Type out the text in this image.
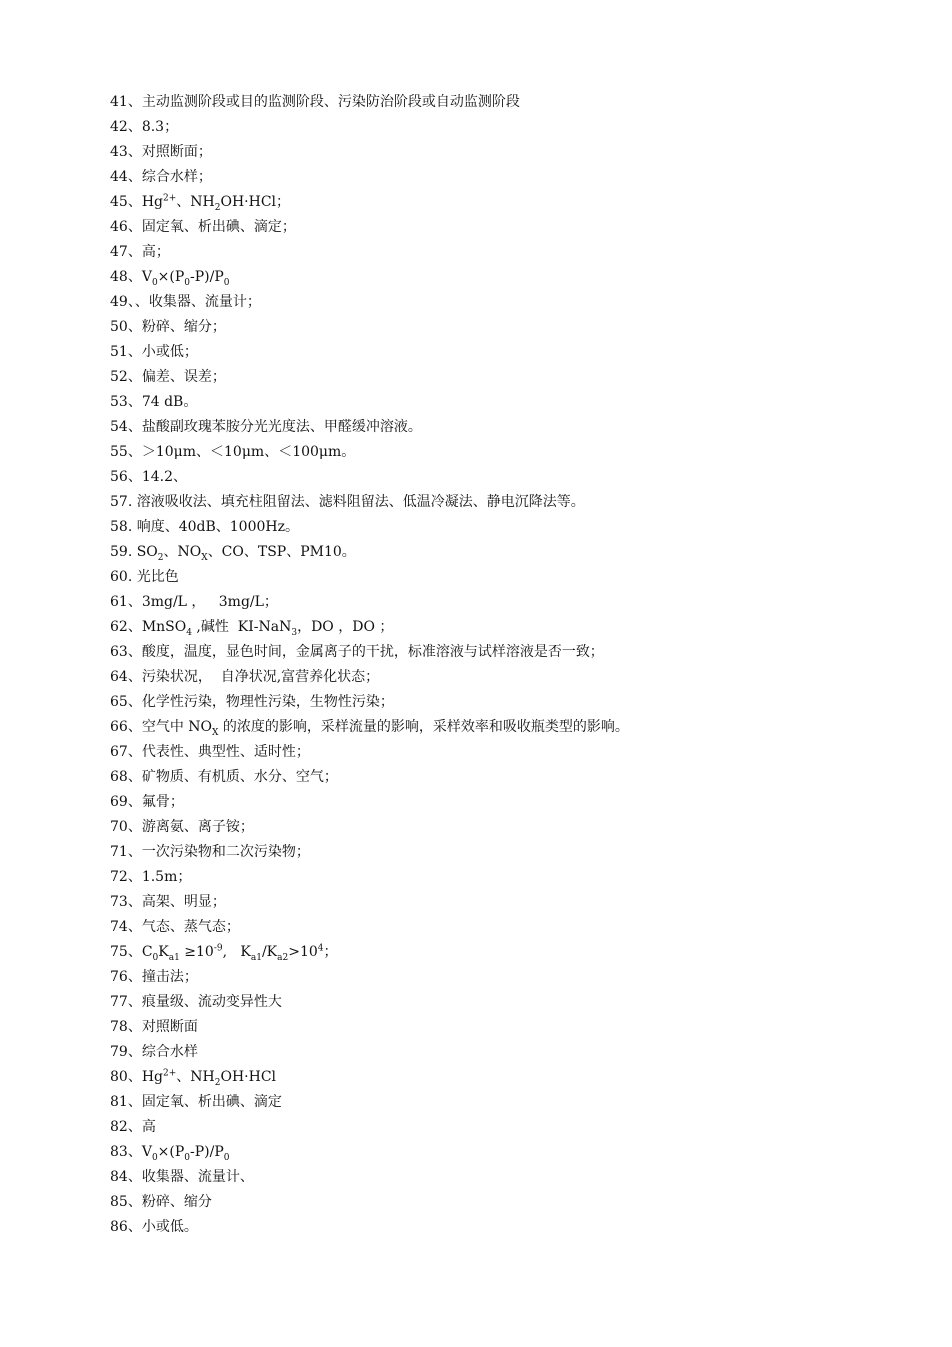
41、主动监测阶段或目的监测阶段、污染防治阶段或自动监测阶段
42、8.3；
43、对照断面；
44、综合水样；
45、$Hg^{2+}$、$NH_2OH\cdot HCl$；
46、固定氧、析出碘、滴定；
47、高；
48、$V_0\times(P_0-P)/P_0$
49、、收集器、流量计；
50、粉碎、缩分；
51、小或低；
52、偏差、误差；
53、74 dB。
54、盐酸副玫瑰苯胺分光光度法、甲醛缓冲溶液。
55、＞10μm、＜10μm、＜100μm。
56、14.2、
57. 溶液吸收法、填充柱阻留法、滤料阻留法、低温冷凝法、静电沉降法等。
58. 响度、40dB、1000Hz。
59. $SO_2$、$NO_X$、CO、TSP、PM10。
60. 光比色
61、3mg/L ，   3mg/L；
62、MnSO$_4$ ,碱性  KI-NaN$_3$，DO ，DO ；
63、酸度，温度，显色时间，金属离子的干扰，标准溶液与试样溶液是否一致；
64、污染状况，  自净状况,富营养化状态；
65、化学性污染，物理性污染，生物性污染；
66、空气中 $NO_X$ 的浓度的影响，采样流量的影响，采样效率和吸收瓶类型的影响。
67、代表性、典型性、适时性；
68、矿物质、有机质、水分、空气；
69、氟骨；
70、游离氨、离子铵；
71、一次污染物和二次污染物；
72、1.5m；
73、高架、明显；
74、气态、蒸气态；
75、$C_0K_{a1} \ge 10^{-9}$,   $K_{a1}/K_{a2}>10^4$；
76、撞击法；
77、痕量级、流动变异性大
78、对照断面
79、综合水样
80、$Hg^{2+}$、$NH_2OH\cdot HCl$
81、固定氧、析出碘、滴定
82、高
83、$V_0\times(P_0-P)/P_0$
84、收集器、流量计、
85、粉碎、缩分
86、小或低。
